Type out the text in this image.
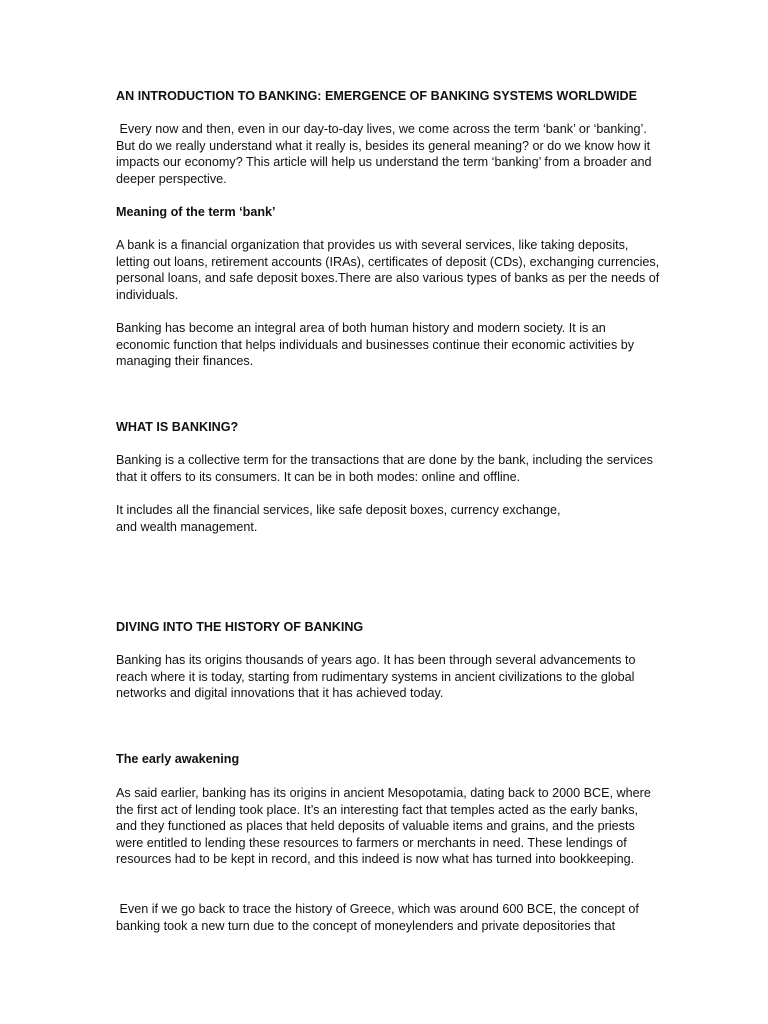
AN INTRODUCTION TO BANKING: EMERGENCE OF BANKING SYSTEMS WORLDWIDE

Every now and then, even in our day-to-day lives, we come across the term ‘bank’ or ‘banking’. But do we really understand what it really is, besides its general meaning? or do we know how it impacts our economy? This article will help us understand the term ‘banking’ from a broader and deeper perspective.

Meaning of the term ‘bank’

A bank is a financial organization that provides us with several services, like taking deposits, letting out loans, retirement accounts (IRAs), certificates of deposit (CDs), exchanging currencies, personal loans, and safe deposit boxes.There are also various types of banks as per the needs of individuals.

Banking has become an integral area of both human history and modern society. It is an economic function that helps individuals and businesses continue their economic activities by managing their finances.

WHAT IS BANKING?

Banking is a collective term for the transactions that are done by the bank, including the services that it offers to its consumers. It can be in both modes: online and offline.

It includes all the financial services, like safe deposit boxes, currency exchange,
and wealth management.

DIVING INTO THE HISTORY OF BANKING

Banking has its origins thousands of years ago. It has been through several advancements to reach where it is today, starting from rudimentary systems in ancient civilizations to the global networks and digital innovations that it has achieved today.

The early awakening

As said earlier, banking has its origins in ancient Mesopotamia, dating back to 2000 BCE, where the first act of lending took place. It’s an interesting fact that temples acted as the early banks, and they functioned as places that held deposits of valuable items and grains, and the priests were entitled to lending these resources to farmers or merchants in need. These lendings of resources had to be kept in record, and this indeed is now what has turned into bookkeeping.

Even if we go back to trace the history of Greece, which was around 600 BCE, the concept of banking took a new turn due to the concept of moneylenders and private depositories that
